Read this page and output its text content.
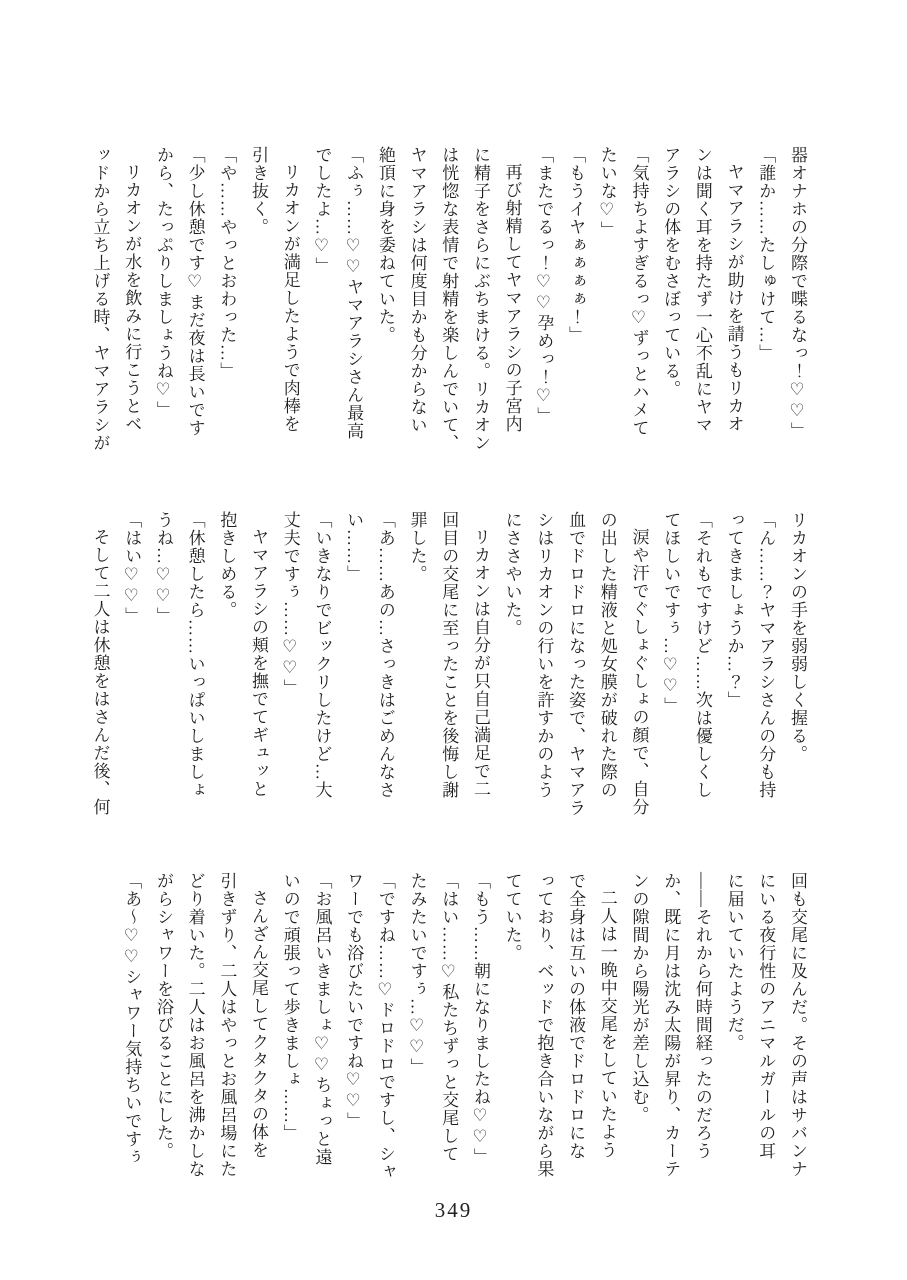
器オナホの分際で喋るなっ！♡♡」

「誰か……たしゅけて…」

ヤマアラシが助けを請うもリカオ

ンは聞く耳を持たず一心不乱にヤマ

アラシの体をむさぼっている。

「気持ちよすぎるっ♡ずっとハメて

たいな♡」

「もうイヤぁぁぁぁ！」

「またでるっ！♡♡孕めっ！♡」

再び射精してヤマアラシの子宮内

に精子をさらにぶちまける。リカオン

は恍惚な表情で射精を楽しんでいて、

ヤマアラシは何度目かも分からない

絶頂に身を委ねていた。

「ふぅ……♡♡ヤマアラシさん最高

でしたよ…♡」

リカオンが満足したようで肉棒を

引き抜く。

「や……やっとおわった…」

「少し休憩です♡まだ夜は長いです

から、たっぷりしましょうね♡」

リカオンが水を飲みに行こうとベ

ッドから立ち上げる時、ヤマアラシが

リカオンの手を弱弱しく握る。

「ん……？ヤマアラシさんの分も持

ってきましょうか…？」

「それもですけど……次は優しくし

てほしいですぅ…♡♡」

涙や汗でぐしょぐしょの顔で、自分

の出した精液と処女膜が破れた際の

血でドロドロになった姿で、ヤマアラ

シはリカオンの行いを許すかのよう

にささやいた。

リカオンは自分が只自己満足で二

回目の交尾に至ったことを後悔し謝

罪した。

「あ……あの…さっきはごめんなさ

い……」

「いきなりでビックリしたけど…大

丈夫ですぅ……♡♡」

ヤマアラシの頬を撫でてギュッと

抱きしめる。

「休憩したら……いっぱいしましょ

うね…♡♡」

「はい♡♡」

そして二人は休憩をはさんだ後、何

回も交尾に及んだ。その声はサバンナ

にいる夜行性のアニマルガールの耳

に届いていたようだ。

――それから何時間経ったのだろう

か、既に月は沈み太陽が昇り、カーテ

ンの隙間から陽光が差し込む。

二人は一晩中交尾をしていたよう

で全身は互いの体液でドロドロにな

っており、ベッドで抱き合いながら果

てていた。

「もう……朝になりましたね♡♡」

「はい……♡私たちずっと交尾して

たみたいですぅ…♡♡」

「ですね……♡ドロドロですし、シャ

ワーでも浴びたいですね♡♡」

「お風呂いきましょ♡♡ちょっと遠

いので頑張って歩きましょ……」

さんざん交尾してクタクタの体を

引きずり、二人はやっとお風呂場にた

どり着いた。二人はお風呂を沸かしな

がらシャワーを浴びることにした。

「あ～♡♡シャワー気持ちいですぅ

349
